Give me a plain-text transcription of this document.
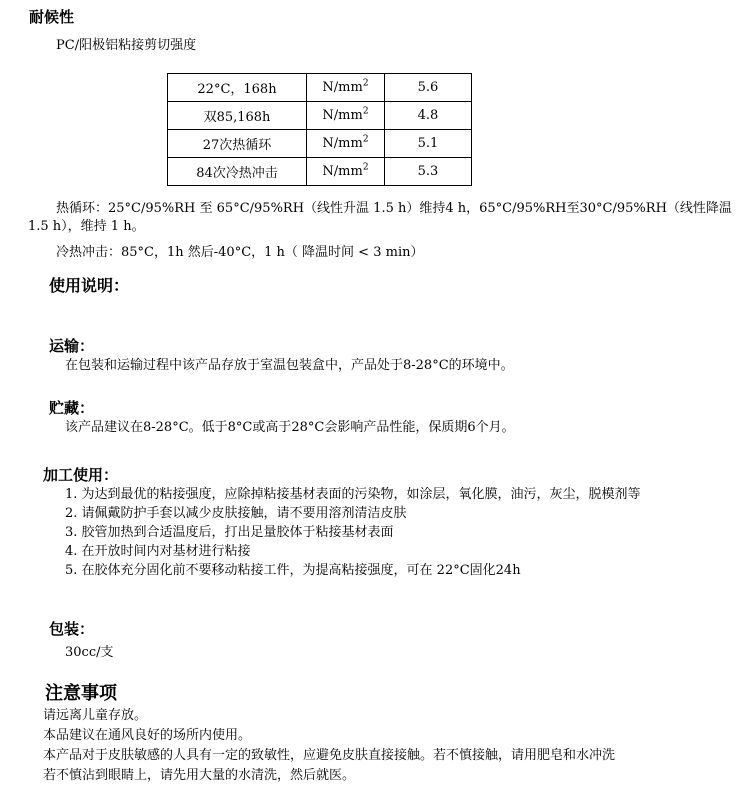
耐候性
PC/阳极铝粘接剪切强度
22°C，168h	$N/mm^2$	5.6
双85,168h	$N/mm^2$	4.8
27次热循环	$N/mm^2$	5.1
84次冷热冲击	$N/mm^2$	5.3
热循环：25°C/95%RH 至 65°C/95%RH（线性升温 1.5 h）维持4 h，65°C/95%RH至30°C/95%RH（线性降温
1.5 h），维持 1 h。
冷热冲击：85°C，1h 然后-40°C，1 h（ 降温时间 < 3 min）
使用说明：
运输：
在包装和运输过程中该产品存放于室温包装盒中，产品处于8-28°C的环境中。
贮藏：
该产品建议在8-28°C。低于8°C或高于28°C会影响产品性能，保质期6个月。
加工使用：
1. 为达到最优的粘接强度，应除掉粘接基材表面的污染物，如涂层，氧化膜，油污，灰尘，脱模剂等
2. 请佩戴防护手套以减少皮肤接触，请不要用溶剂清洁皮肤
3. 胶管加热到合适温度后，打出足量胶体于粘接基材表面
4. 在开放时间内对基材进行粘接
5. 在胶体充分固化前不要移动粘接工件，为提高粘接强度，可在 22°C固化24h
包装：
30cc/支
注意事项
请远离儿童存放。
本品建议在通风良好的场所内使用。
本产品对于皮肤敏感的人具有一定的致敏性，应避免皮肤直接接触。若不慎接触，请用肥皂和水冲洗
若不慎沾到眼睛上，请先用大量的水清洗，然后就医。
